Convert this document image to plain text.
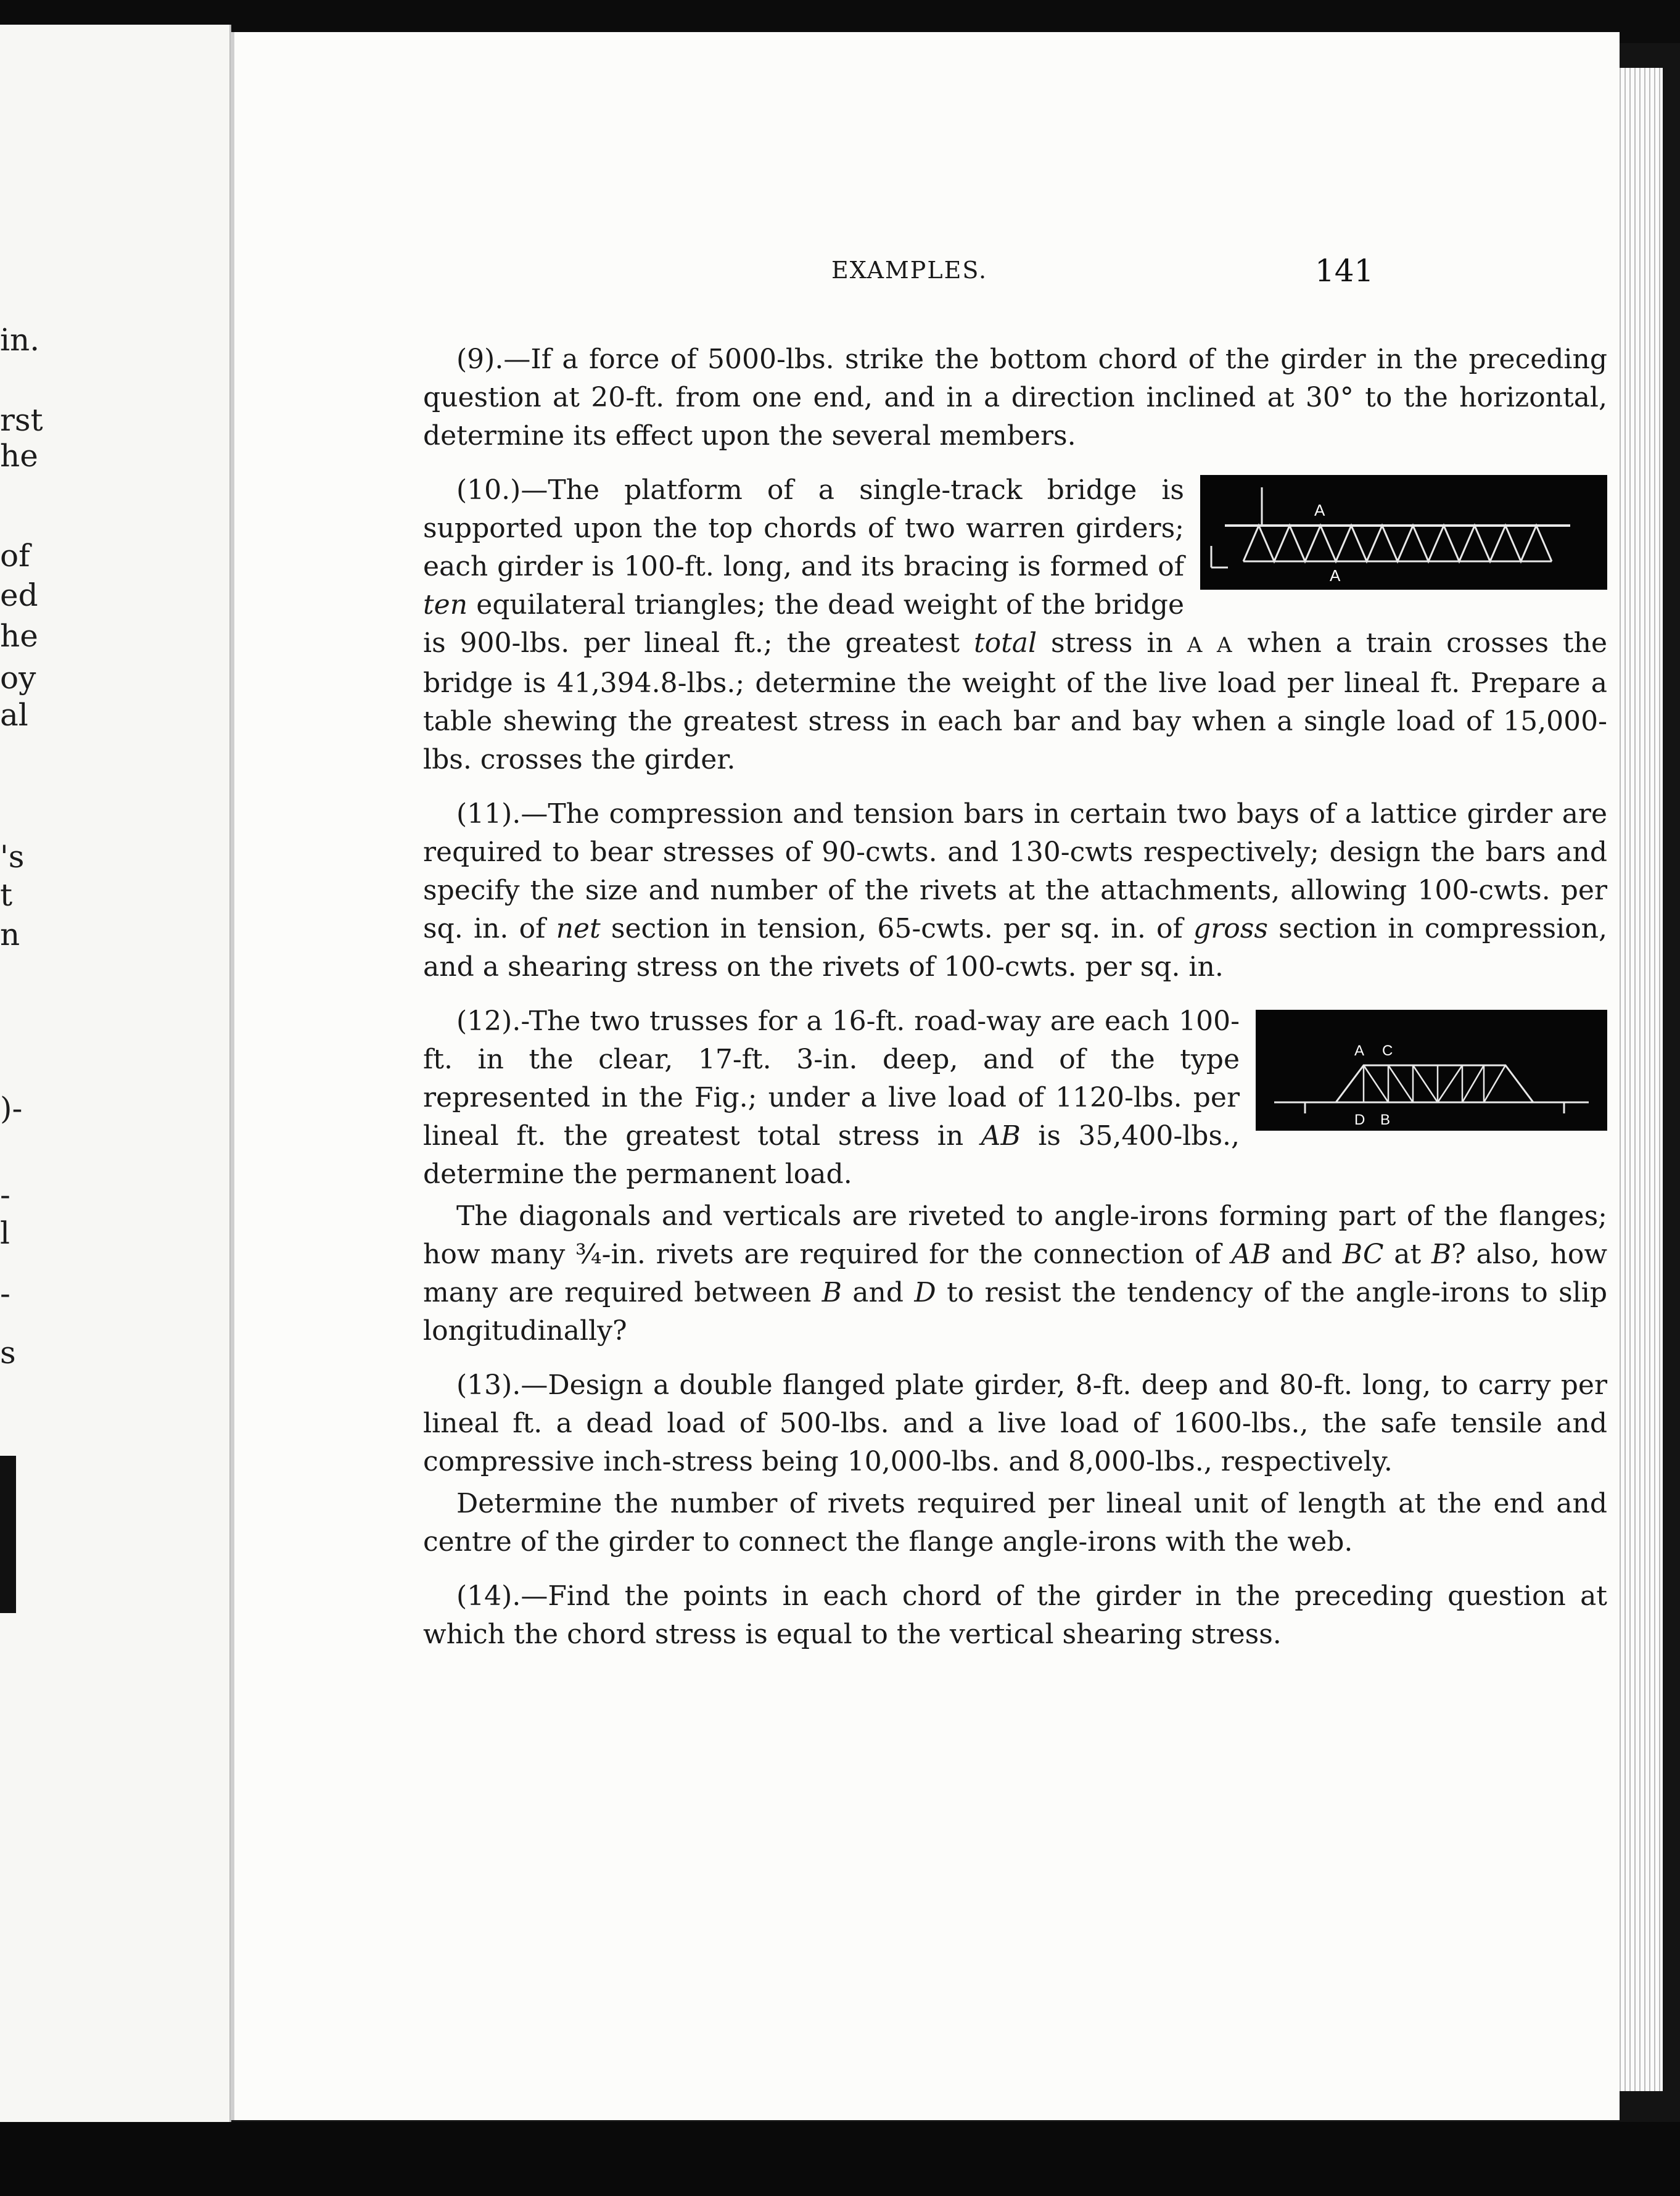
in.
rst
he
of
ed
he
oy
al
's
t
n
)-
-
l
-
s
EXAMPLES.	141

(9).—If a force of 5000-lbs. strike the bottom chord of the girder in the preceding question at 20-ft. from one end, and in a direction inclined at 30° to the horizontal, determine its effect upon the several members.

A
A
(10.)—The platform of a single-track bridge is supported upon the top chords of two warren girders; each girder is 100-ft. long, and its bracing is formed of ten equilateral triangles; the dead weight of the bridge is 900-lbs. per lineal ft.; the greatest total stress in A A when a train crosses the bridge is 41,394.8-lbs.; determine the weight of the live load per lineal ft. Prepare a table shewing the greatest stress in each bar and bay when a single load of 15,000-lbs. crosses the girder.

(11).—The compression and tension bars in certain two bays of a lattice girder are required to bear stresses of 90-cwts. and 130-cwts respectively; design the bars and specify the size and number of the rivets at the attachments, allowing 100-cwts. per sq. in. of net section in tension, 65-cwts. per sq. in. of gross section in compression, and a shearing stress on the rivets of 100-cwts. per sq. in.

A C
D B
(12).-The two trusses for a 16-ft. road-way are each 100-ft. in the clear, 17-ft. 3-in. deep, and of the type represented in the Fig.; under a live load of 1120-lbs. per lineal ft. the greatest total stress in AB is 35,400-lbs., determine the permanent load.

The diagonals and verticals are riveted to angle-irons forming part of the flanges; how many ¾-in. rivets are required for the connection of AB and BC at B? also, how many are required between B and D to resist the tendency of the angle-irons to slip longitudinally?

(13).—Design a double flanged plate girder, 8-ft. deep and 80-ft. long, to carry per lineal ft. a dead load of 500-lbs. and a live load of 1600-lbs., the safe tensile and compressive inch-stress being 10,000-lbs. and 8,000-lbs., respectively.

Determine the number of rivets required per lineal unit of length at the end and centre of the girder to connect the flange angle-irons with the web.

(14).—Find the points in each chord of the girder in the preceding question at which the chord stress is equal to the vertical shearing stress.
